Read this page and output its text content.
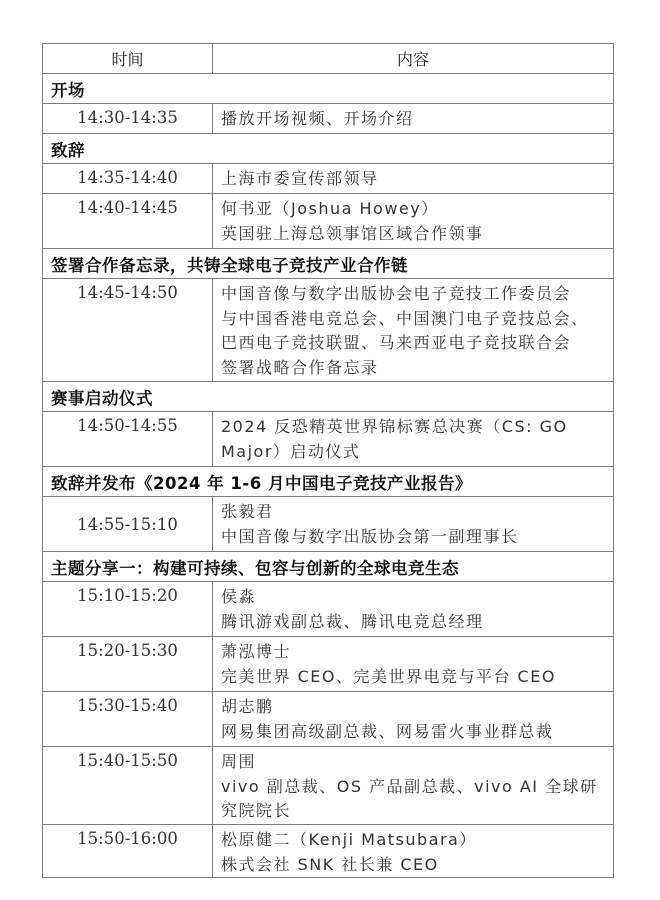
时间	内容
开场	
14:30-14:35	播放开场视频、开场介绍

致辞	
14:35-14:40	上海市委宣传部领导

14:40-14:45	何书亚（Joshua Howey）
英国驻上海总领事馆区域合作领事

签署合作备忘录，共铸全球电子竞技产业合作链	
14:45-14:50	中国音像与数字出版协会电子竞技工作委员会
与中国香港电竞总会、中国澳门电子竞技总会、
巴西电子竞技联盟、马来西亚电子竞技联合会
签署战略合作备忘录

赛事启动仪式	
14:50-14:55	2024 反恐精英世界锦标赛总决赛（CS: GO
Major）启动仪式

致辞并发布《2024 年 1-6 月中国电子竞技产业报告》	
14:55-15:10	张毅君
中国音像与数字出版协会第一副理事长

主题分享一：构建可持续、包容与创新的全球电竞生态	
15:10-15:20	侯淼
腾讯游戏副总裁、腾讯电竞总经理

15:20-15:30	萧泓博士
完美世界 CEO、完美世界电竞与平台 CEO

15:30-15:40	胡志鹏
网易集团高级副总裁、网易雷火事业群总裁

15:40-15:50	周围
vivo 副总裁、OS 产品副总裁、vivo AI 全球研
究院院长

15:50-16:00	松原健二（Kenji Matsubara）
株式会社 SNK 社长兼 CEO
